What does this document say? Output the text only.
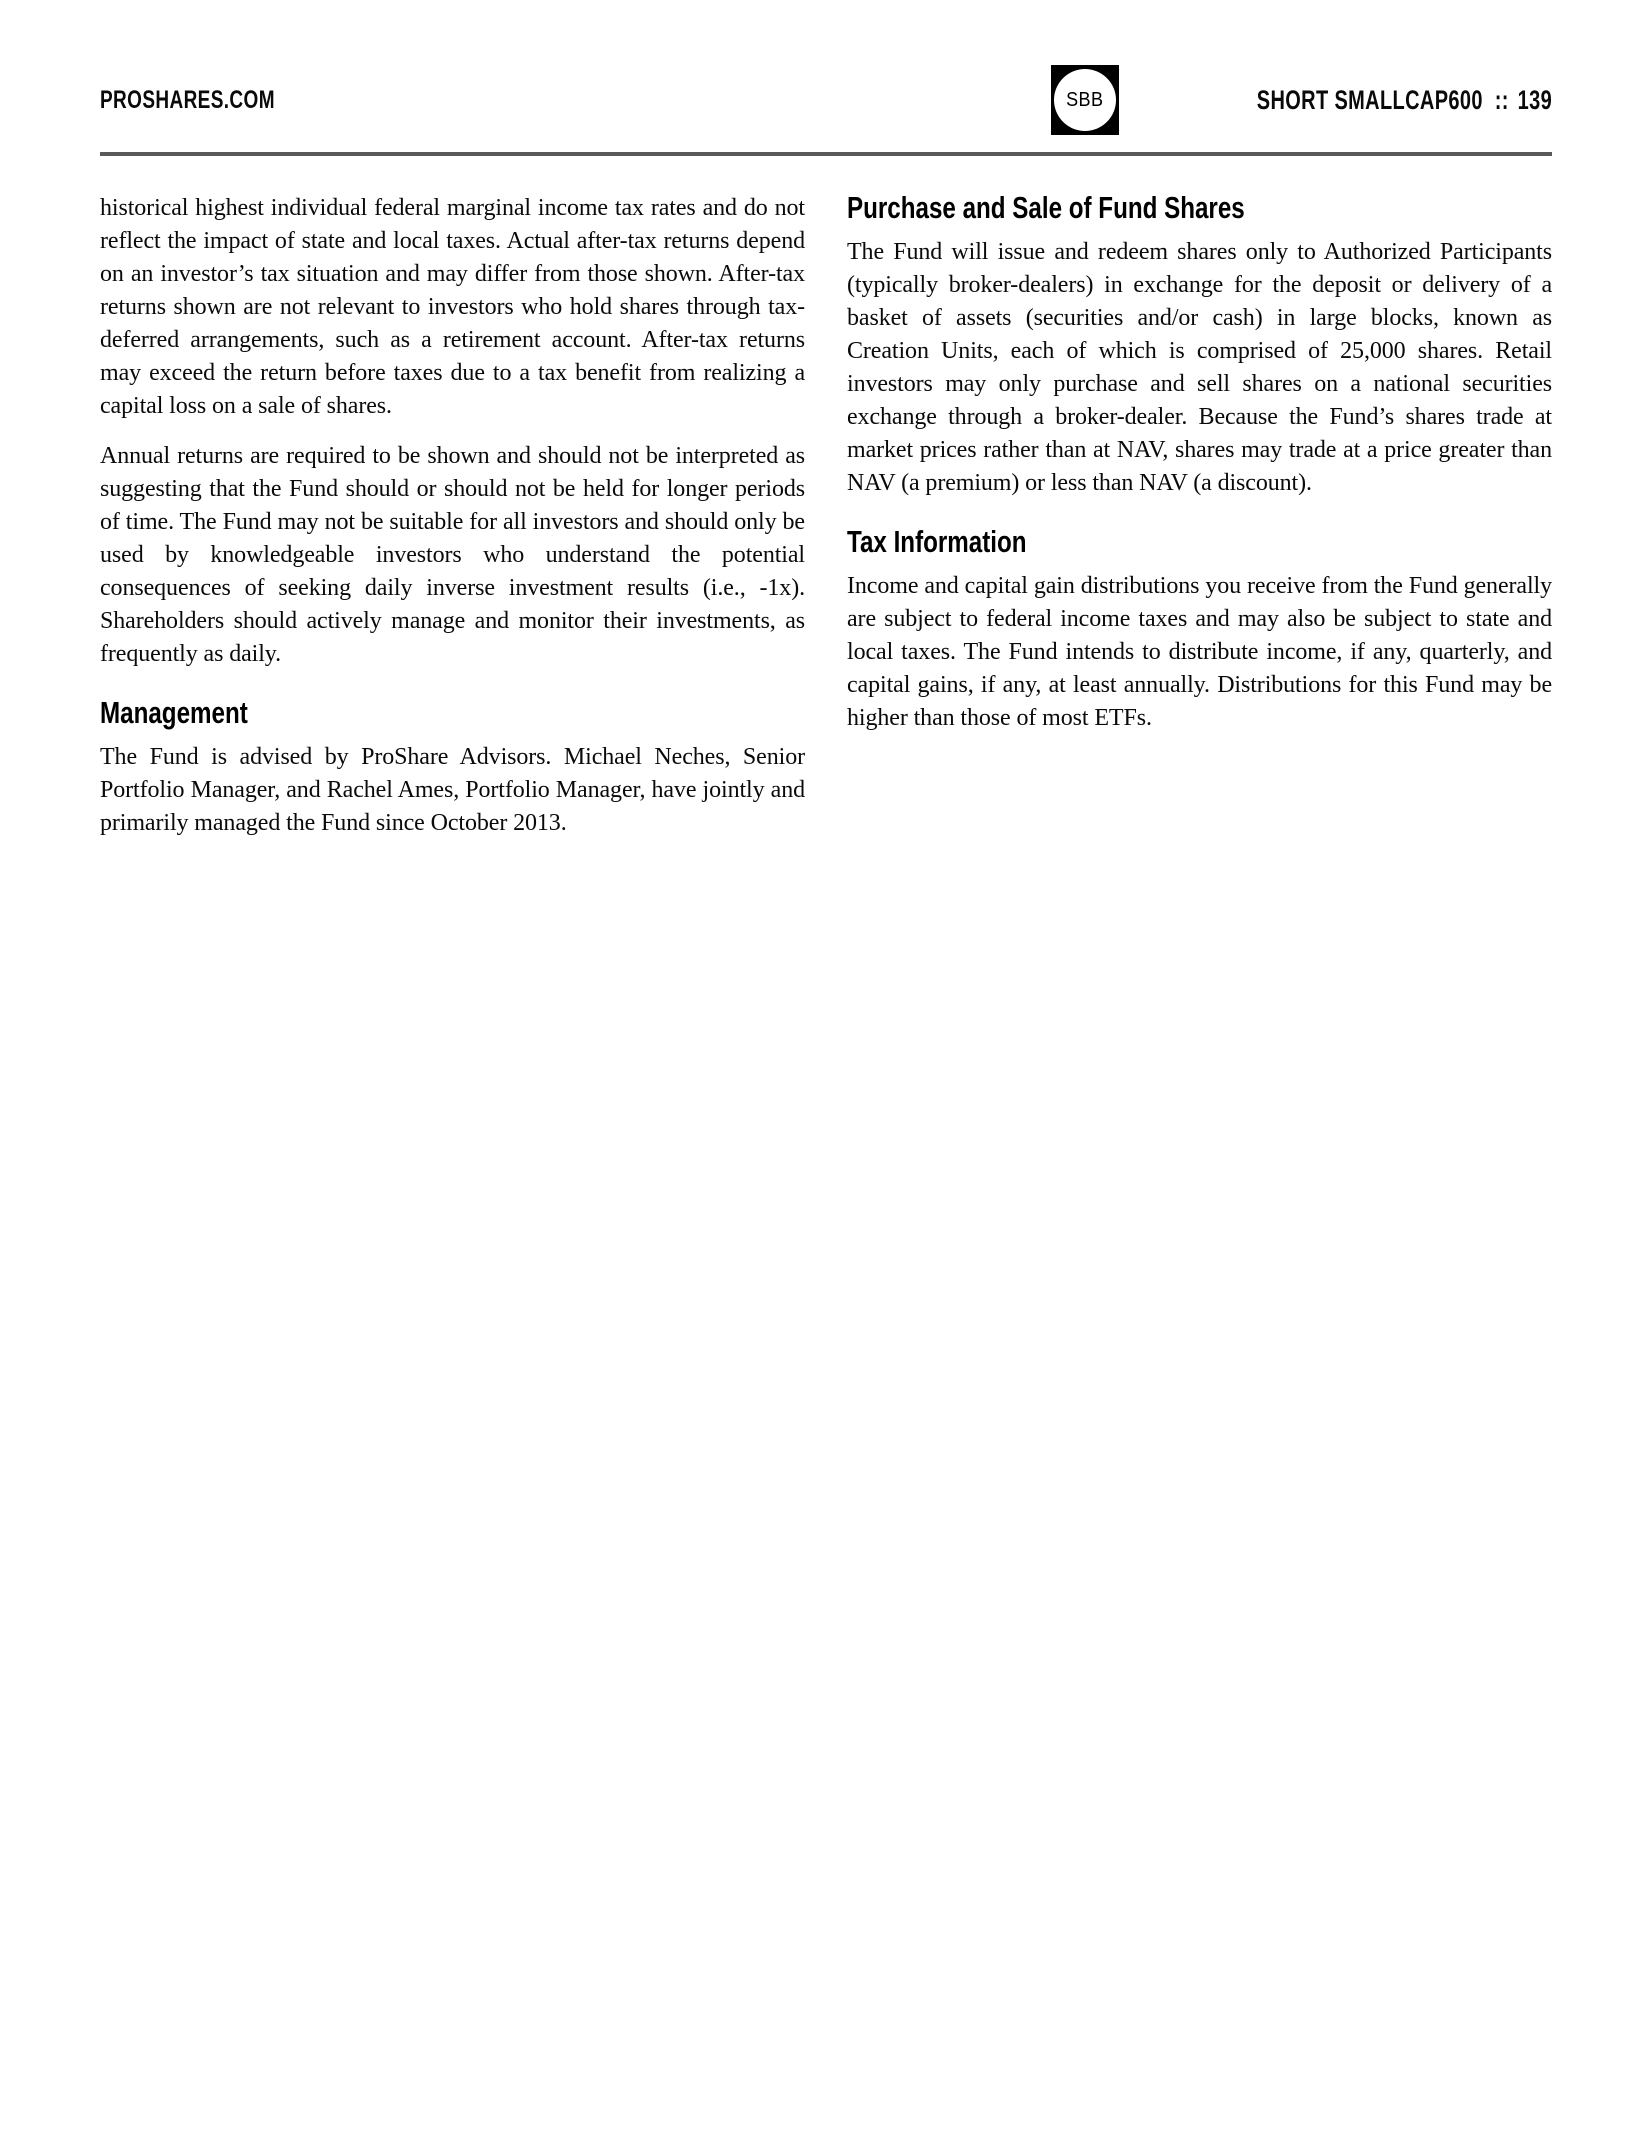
PROSHARES.COM	SBB	SHORT SMALLCAP600 :: 139

historical highest individual federal marginal income tax rates and do not reflect the impact of state and local taxes. Actual after-tax returns depend on an investor’s tax situation and may differ from those shown. After-tax returns shown are not relevant to investors who hold shares through tax-deferred arrangements, such as a retirement account. After-tax returns may exceed the return before taxes due to a tax benefit from realizing a capital loss on a sale of shares.

Annual returns are required to be shown and should not be interpreted as suggesting that the Fund should or should not be held for longer periods of time. The Fund may not be suitable for all investors and should only be used by knowledgeable investors who understand the potential consequences of seeking daily inverse investment results (i.e., -1x). Shareholders should actively manage and monitor their investments, as frequently as daily.

Management

The Fund is advised by ProShare Advisors. Michael Neches, Senior Portfolio Manager, and Rachel Ames, Portfolio Manager, have jointly and primarily managed the Fund since October 2013.

Purchase and Sale of Fund Shares

The Fund will issue and redeem shares only to Authorized Participants (typically broker-dealers) in exchange for the deposit or delivery of a basket of assets (securities and/or cash) in large blocks, known as Creation Units, each of which is comprised of 25,000 shares. Retail investors may only purchase and sell shares on a national securities exchange through a broker-dealer. Because the Fund’s shares trade at market prices rather than at NAV, shares may trade at a price greater than NAV (a premium) or less than NAV (a discount).

Tax Information

Income and capital gain distributions you receive from the Fund generally are subject to federal income taxes and may also be subject to state and local taxes. The Fund intends to distribute income, if any, quarterly, and capital gains, if any, at least annually. Distributions for this Fund may be higher than those of most ETFs.
